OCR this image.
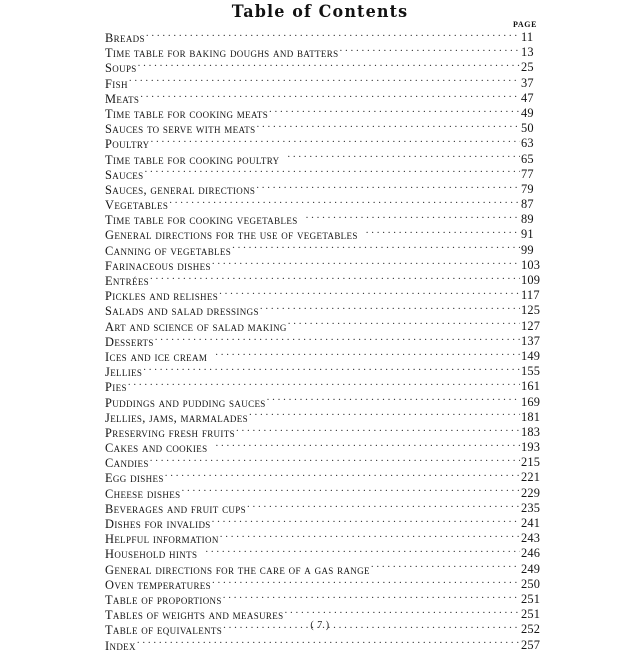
Table of Contents
PAGE
Breads . . .	11
Time table for baking doughs and batters . . .	13
Soups . . .	25
Fish . . .	37
Meats . . .	47
Time table for cooking meats . . .	49
Sauces to serve with meats . . .	50
Poultry . . .	63
Time table for cooking poultry . . .	65
Sauces . . .	77
Sauces, general directions . . .	79
Vegetables . . .	87
Time table for cooking vegetables . . .	89
General directions for the use of vegetables . . .	91
Canning of vegetables . . .	99
Farinaceous dishes . . .	103
Entrées . . .	109
Pickles and relishes . . .	117
Salads and salad dressings . . .	125
Art and science of salad making . . .	127
Desserts . . .	137
Ices and ice cream . . .	149
Jellies . . .	155
Pies . . .	161
Puddings and pudding sauces . . .	169
Jellies, jams, marmalades . . .	181
Preserving fresh fruits . . .	183
Cakes and cookies . . .	193
Candies . . .	215
Egg dishes . . .	221
Cheese dishes . . .	229
Beverages and fruit cups . . .	235
Dishes for invalids . . .	241
Helpful information . . .	243
Household hints . . .	246
General directions for the care of a gas range . . .	249
Oven temperatures . . .	250
Table of proportions . . .	251
Tables of weights and measures . . .	251
Table of equivalents . . .	252
Index . . .	257
( 7 )
